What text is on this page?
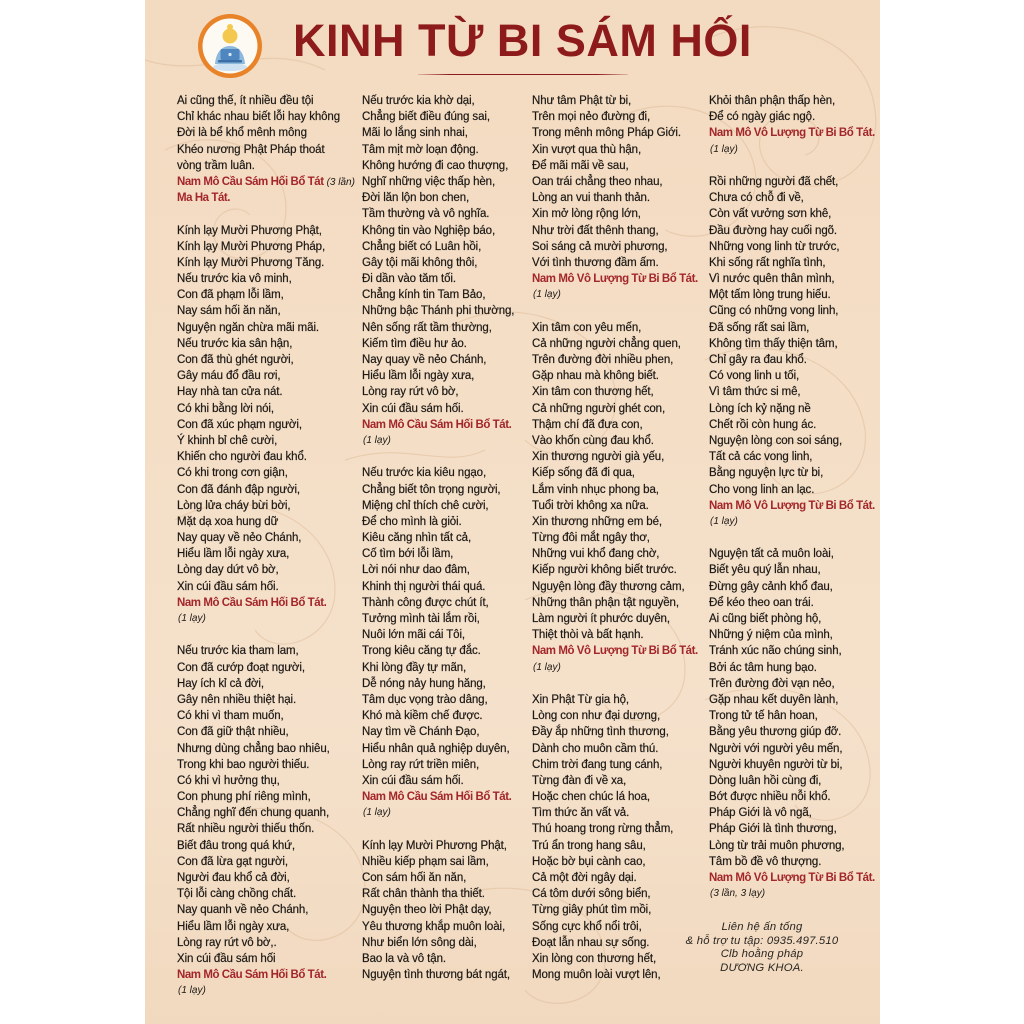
KINH TỪ BI SÁM HỐI
Ai cũng thế, ít nhiều đều tội
Chỉ khác nhau biết lỗi hay không
Đời là bể khổ mênh mông
Khéo nương Phật Pháp thoát
vòng trầm luân.
Nam Mô Cầu Sám Hối Bổ Tát (3 lần)
Ma Ha Tát.
Kính lạy Mười Phương Phật,
Kính lạy Mười Phương Pháp,
Kính lạy Mười Phương Tăng.
Nếu trước kia vô minh,
Con đã phạm lỗi lầm,
Nay sám hối ăn năn,
Nguyện ngăn chừa mãi mãi.
Nếu trước kia sân hận,
Con đã thù ghét người,
Gây máu đổ đầu rơi,
Hay nhà tan cửa nát.
Có khi bằng lời nói,
Con đã xúc phạm người,
Ý khinh bỉ chê cười,
Khiến cho người đau khổ.
Có khi trong cơn giận,
Con đã đánh đập người,
Lòng lửa cháy bừi bời,
Mặt dạ xoa hung dữ
Nay quay về nẻo Chánh,
Hiểu lầm lỗi ngày xưa,
Lòng day dứt vô bờ,
Xin cúi đầu sám hối.
Nam Mô Cầu Sám Hối Bổ Tát.
(1 lạy)
Nếu trước kia tham lam,
Con đã cướp đoạt người,
Hay ích kỉ cả đời,
Gây nên nhiều thiệt hại.
Có khi vì tham muốn,
Con đã giữ thật nhiều,
Nhưng dùng chẳng bao nhiêu,
Trong khi bao người thiếu.
Có khi vì hưởng thụ,
Con phung phí riêng mình,
Chẳng nghĩ đến chung quanh,
Rất nhiều người thiếu thốn.
Biết đâu trong quá khứ,
Con đã lừa gạt người,
Người đau khổ cả đời,
Tội lỗi càng chồng chất.
Nay quanh về nẻo Chánh,
Hiểu lầm lỗi ngày xưa,
Lòng ray rứt vô bờ,.
Xin cúi đầu sám hối
Nam Mô Cầu Sám Hối Bổ Tát.
(1 lạy)
Nếu trước kia khờ dại,
Chẳng biết điều đúng sai,
Mãi lo lắng sinh nhai,
Tâm mịt mờ loạn động.
Không hướng đi cao thượng,
Nghĩ những việc thấp hèn,
Đời lăn lộn bon chen,
Tầm thường và vô nghĩa.
Không tin vào Nghiệp báo,
Chẳng biết có Luân hồi,
Gây tội mãi không thôi,
Đi dần vào tăm tối.
Chẳng kính tin Tam Bảo,
Những bậc Thánh phi thường,
Nên sống rất tầm thường,
Kiếm tìm điều hư ảo.
Nay quay về nẻo Chánh,
Hiểu lầm lỗi ngày xưa,
Lòng ray rứt vô bờ,
Xin cúi đầu sám hối.
Nam Mô Cầu Sám Hối Bổ Tát.
(1 lạy)
Nếu trước kia kiêu ngạo,
Chẳng biết tôn trọng người,
Miệng chỉ thích chê cười,
Để cho mình là giỏi.
Kiêu căng nhìn tất cả,
Cố tìm bới lỗi lầm,
Lời nói như dao đâm,
Khinh thị người thái quá.
Thành công được chút ít,
Tưởng mình tài lắm rồi,
Nuôi lớn mãi cái Tôi,
Trong kiêu căng tự đắc.
Khi lòng đầy tự mãn,
Dễ nóng nảy hung hăng,
Tâm dục vọng trào dâng,
Khó mà kiềm chế được.
Nay tìm về Chánh Đạo,
Hiểu nhân quả nghiệp duyên,
Lòng ray rứt triền miên,
Xin cúi đầu sám hối.
Nam Mô Cầu Sám Hối Bổ Tát.
(1 lạy)
Kính lạy Mười Phương Phật,
Nhiều kiếp phạm sai lầm,
Con sám hối ăn năn,
Rất chân thành tha thiết.
Nguyện theo lời Phật dạy,
Yêu thương khắp muôn loài,
Như biển lớn sông dài,
Bao la và vô tận.
Nguyện tình thương bát ngát,
Như tâm Phật từ bi,
Trên mọi nẻo đường đi,
Trong mênh mông Pháp Giới.
Xin vượt qua thù hận,
Để mãi mãi về sau,
Oan trái chẳng theo nhau,
Lòng an vui thanh thản.
Xin mở lòng rộng lớn,
Như trời đất thênh thang,
Soi sáng cả mười phương,
Với tình thương đầm ấm.
Nam Mô Vô Lượng Từ Bi Bổ Tát.
(1 lạy)
Xin tâm con yêu mến,
Cả những người chẳng quen,
Trên đường đời nhiều phen,
Gặp nhau mà không biết.
Xin tâm con thương hết,
Cả những người ghét con,
Thậm chí đã đưa con,
Vào khốn cùng đau khổ.
Xin thương người già yếu,
Kiếp sống đã đi qua,
Lắm vinh nhục phong ba,
Tuổi trời không xa nữa.
Xin thương những em bé,
Từng đôi mắt ngây thơ,
Những vui khổ đang chờ,
Kiếp người không biết trước.
Nguyện lòng đầy thương cảm,
Những thân phận tật nguyền,
Làm người ít phước duyên,
Thiệt thòi và bất hạnh.
Nam Mô Vô Lượng Từ Bi Bổ Tát.
(1 lạy)
Xin Phật Từ gia hộ,
Lòng con như đại dương,
Đầy ắp những tình thương,
Dành cho muôn cầm thú.
Chim trời đang tung cánh,
Từng đàn đi về xa,
Hoặc chen chúc lá hoa,
Tìm thức ăn vất vả.
Thú hoang trong rừng thẳm,
Trú ẩn trong hang sâu,
Hoặc bờ bụi cành cao,
Cả một đời ngây dại.
Cá tôm dưới sông biển,
Từng giây phút tìm mồi,
Sống cực khổ nổi trôi,
Đoạt lẫn nhau sự sống.
Xin lòng con thương hết,
Mong muôn loài vượt lên,
Khỏi thân phận thấp hèn,
Để có ngày giác ngộ.
Nam Mô Vô Lượng Từ Bi Bổ Tát.
(1 lạy)
Rồi những người đã chết,
Chưa có chỗ đi về,
Còn vất vưởng sơn khê,
Đầu đường hay cuối ngõ.
Những vong linh từ trước,
Khi sống rất nghĩa tình,
Vì nước quên thân mình,
Một tấm lòng trung hiếu.
Cũng có những vong linh,
Đã sống rất sai lầm,
Không tìm thấy thiện tâm,
Chỉ gây ra đau khổ.
Có vong linh u tối,
Vì tâm thức si mê,
Lòng ích kỷ nặng nề
Chết rồi còn hung ác.
Nguyện lòng con soi sáng,
Tất cả các vong linh,
Bằng nguyện lực từ bi,
Cho vong linh an lạc.
Nam Mô Vô Lượng Từ Bi Bổ Tát.
(1 lạy)
Nguyện tất cả muôn loài,
Biết yêu quý lẫn nhau,
Đừng gây cảnh khổ đau,
Để kéo theo oan trái.
Ai cũng biết phòng hộ,
Những ý niệm của mình,
Tránh xúc não chúng sinh,
Bởi ác tâm hung bạo.
Trên đường đời vạn nẻo,
Gặp nhau kết duyên lành,
Trong tử tế hân hoan,
Bằng yêu thương giúp đỡ.
Người với người yêu mến,
Người khuyên người từ bi,
Dòng luân hồi cùng đi,
Bớt được nhiều nỗi khổ.
Pháp Giới là vô ngã,
Pháp Giới là tình thương,
Lòng từ trải muôn phương,
Tâm bồ đề vô thượng.
Nam Mô Vô Lượng Từ Bi Bổ Tát.
(3 lần, 3 lạy)
Liên hệ ấn tống
& hỗ trợ tu tập: 0935.497.510
Clb hoằng pháp
DƯƠNG KHOA.
